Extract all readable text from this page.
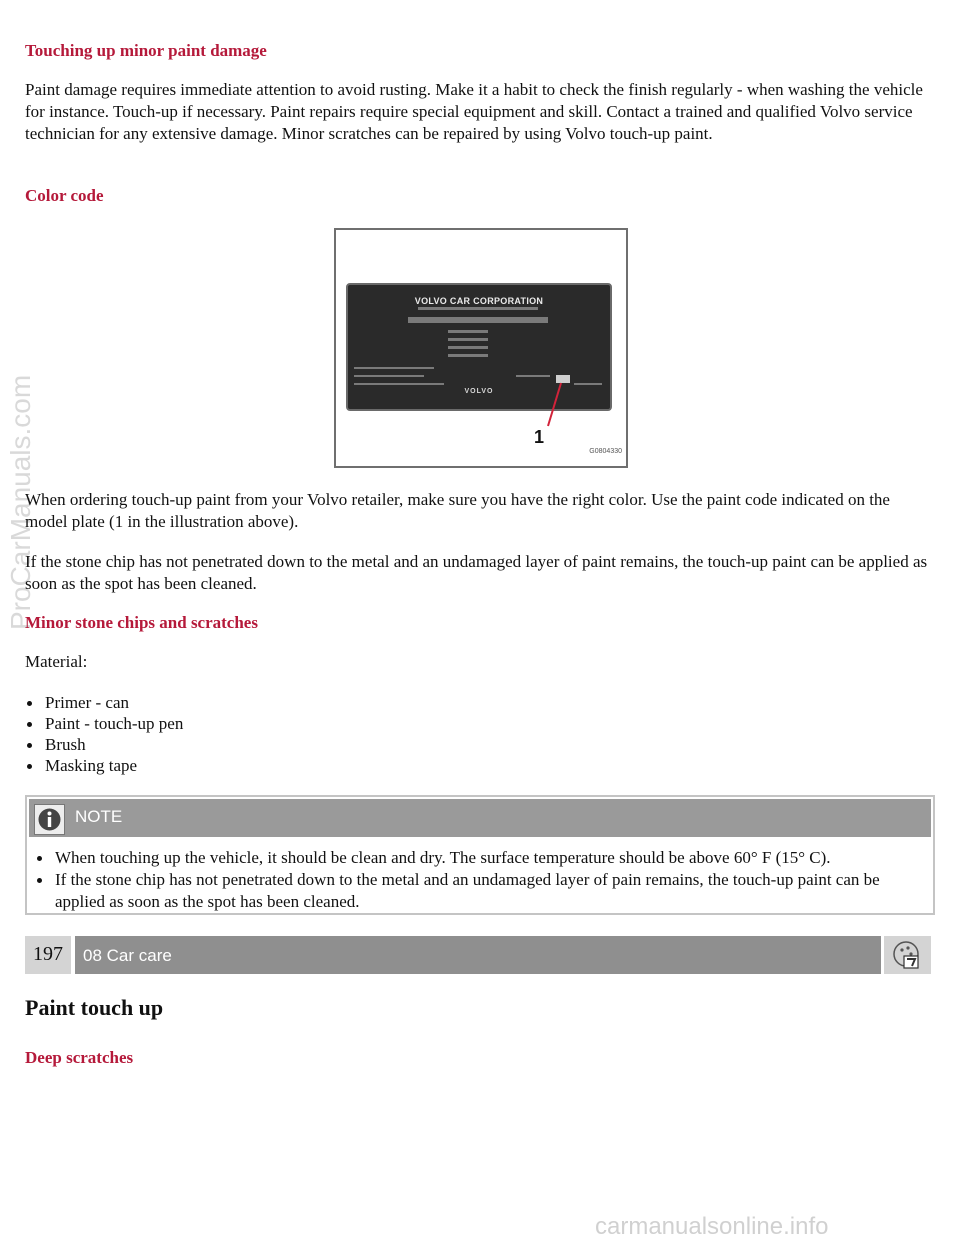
ProCarManuals.com
Touching up minor paint damage

Paint damage requires immediate attention to avoid rusting. Make it a habit to check the finish regularly - when washing the vehicle for instance. Touch-up if necessary. Paint repairs require special equipment and skill. Contact a trained and qualified Volvo service technician for any extensive damage. Minor scratches can be repaired by using Volvo touch-up paint.

Color code
VOLVO CAR CORPORATION
VOLVO
1
G0804330

When ordering touch-up paint from your Volvo retailer, make sure you have the right color. Use the paint code indicated on the model plate (1 in the illustration above).

If the stone chip has not penetrated down to the metal and an undamaged layer of paint remains, the touch-up paint can be applied as soon as the spot has been cleaned.

Minor stone chips and scratches

Material:

Primer - can
Paint - touch-up pen
Brush
Masking tape
NOTE
When touching up the vehicle, it should be clean and dry. The surface temperature should be above 60° F (15° C).
If the stone chip has not penetrated down to the metal and an undamaged layer of pain remains, the touch-up paint can be applied as soon as the spot has been cleaned.
197	08 Car care
Paint touch up
Deep scratches
carmanualsonline.info
